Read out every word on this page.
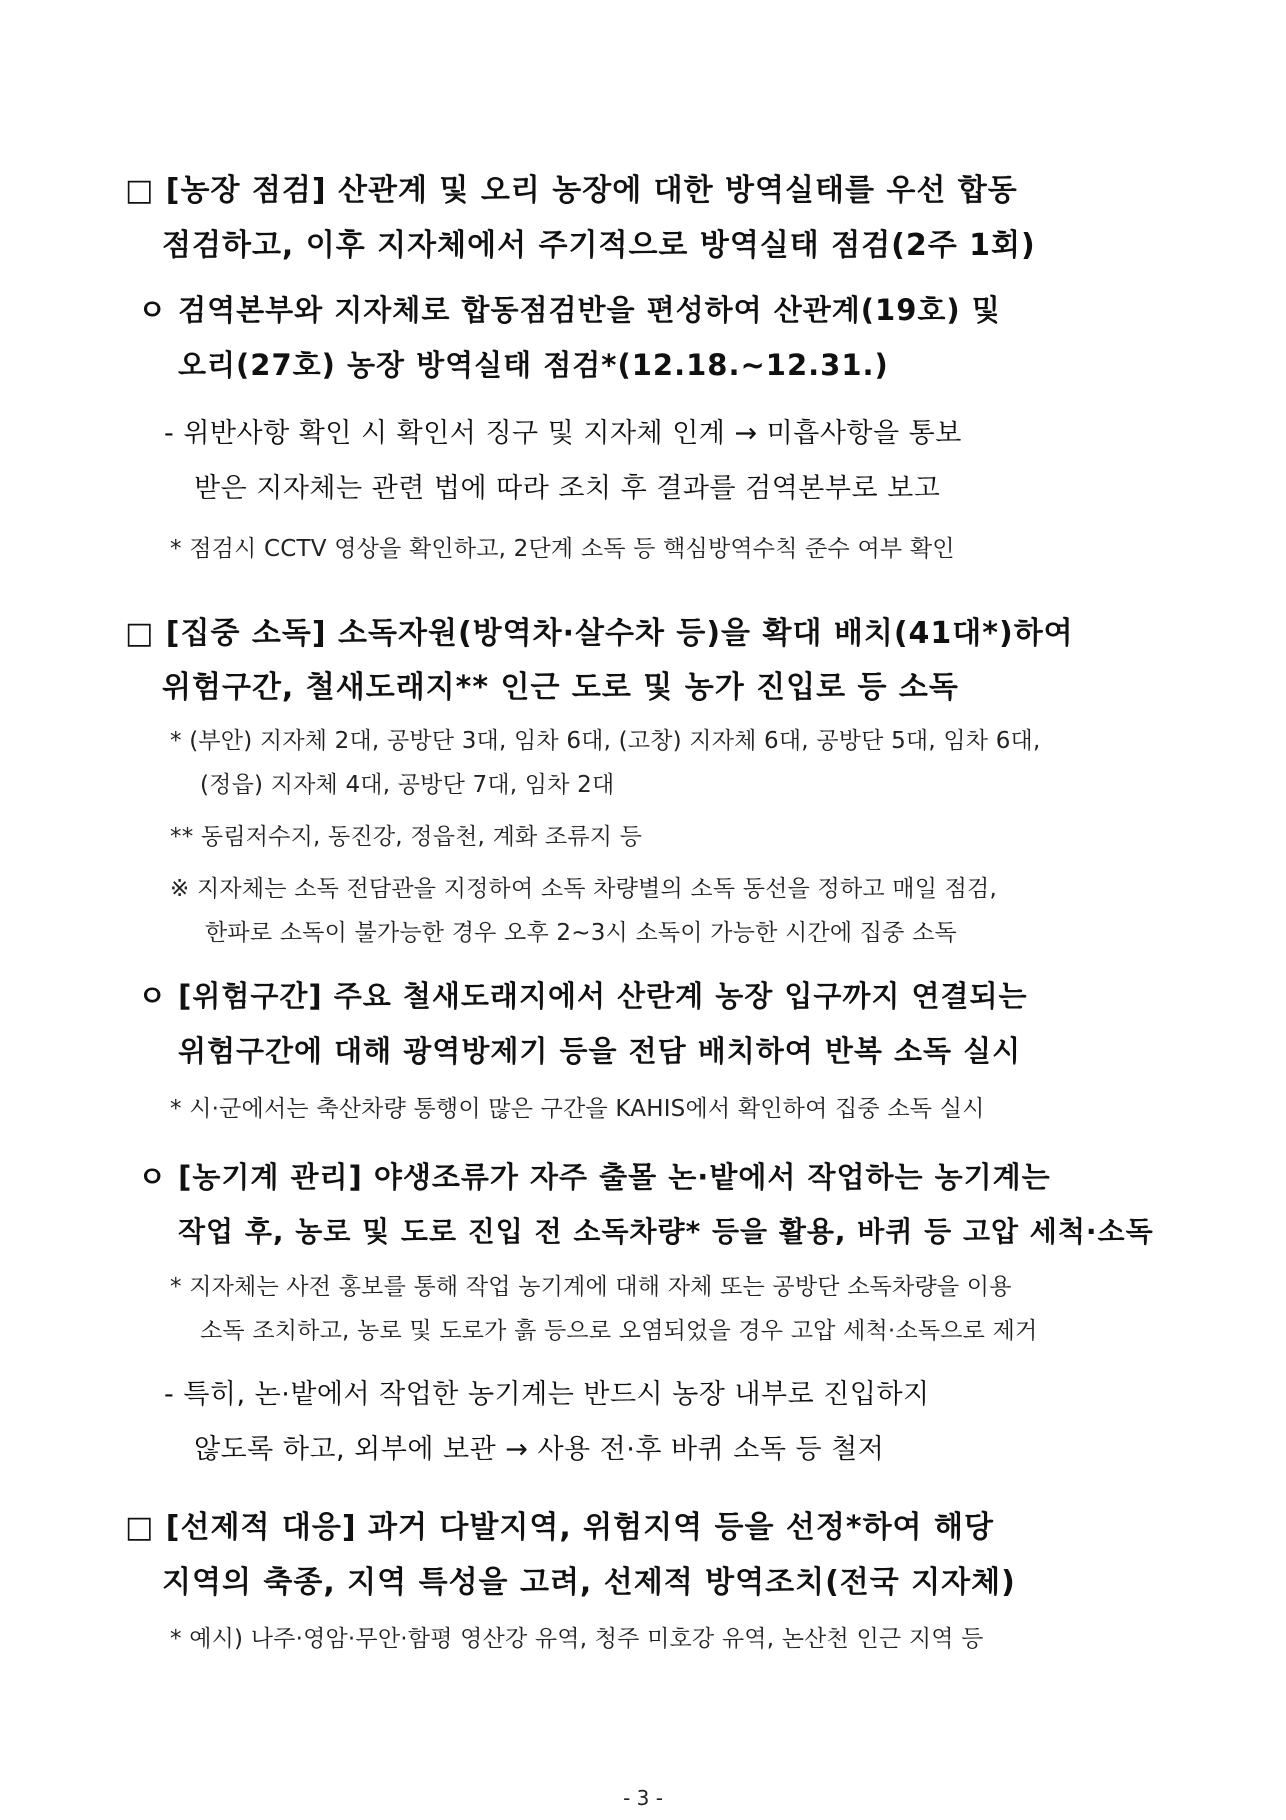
□ [농장 점검] 산관계 및 오리 농장에 대한 방역실태를 우선 합동
점검하고, 이후 지자체에서 주기적으로 방역실태 점검(2주 1회)
ㅇ 검역본부와 지자체로 합동점검반을 편성하여 산관계(19호) 및
오리(27호) 농장 방역실태 점검*(12.18.~12.31.)
- 위반사항 확인 시 확인서 징구 및 지자체 인계 → 미흡사항을 통보
받은 지자체는 관련 법에 따라 조치 후 결과를 검역본부로 보고
* 점검시 CCTV 영상을 확인하고, 2단계 소독 등 핵심방역수칙 준수 여부 확인
□ [집중 소독] 소독자원(방역차·살수차 등)을 확대 배치(41대*)하여
위험구간, 철새도래지** 인근 도로 및 농가 진입로 등 소독
* (부안) 지자체 2대, 공방단 3대, 임차 6대, (고창) 지자체 6대, 공방단 5대, 임차 6대,
(정읍) 지자체 4대, 공방단 7대, 임차 2대
** 동림저수지, 동진강, 정읍천, 계화 조류지 등
※ 지자체는 소독 전담관을 지정하여 소독 차량별의 소독 동선을 정하고 매일 점검,
한파로 소독이 불가능한 경우 오후 2~3시 소독이 가능한 시간에 집중 소독
ㅇ [위험구간] 주요 철새도래지에서 산란계 농장 입구까지 연결되는
위험구간에 대해 광역방제기 등을 전담 배치하여 반복 소독 실시
* 시·군에서는 축산차량 통행이 많은 구간을 KAHIS에서 확인하여 집중 소독 실시
ㅇ [농기계 관리] 야생조류가 자주 출몰 논·밭에서 작업하는 농기계는
작업 후, 농로 및 도로 진입 전 소독차량* 등을 활용, 바퀴 등 고압 세척·소독
* 지자체는 사전 홍보를 통해 작업 농기계에 대해 자체 또는 공방단 소독차량을 이용
소독 조치하고, 농로 및 도로가 흙 등으로 오염되었을 경우 고압 세척·소독으로 제거
- 특히, 논·밭에서 작업한 농기계는 반드시 농장 내부로 진입하지
않도록 하고, 외부에 보관 → 사용 전·후 바퀴 소독 등 철저
□ [선제적 대응] 과거 다발지역, 위험지역 등을 선정*하여 해당
지역의 축종, 지역 특성을 고려, 선제적 방역조치(전국 지자체)
* 예시) 나주·영암·무안·함평 영산강 유역, 청주 미호강 유역, 논산천 인근 지역 등
- 3 -
